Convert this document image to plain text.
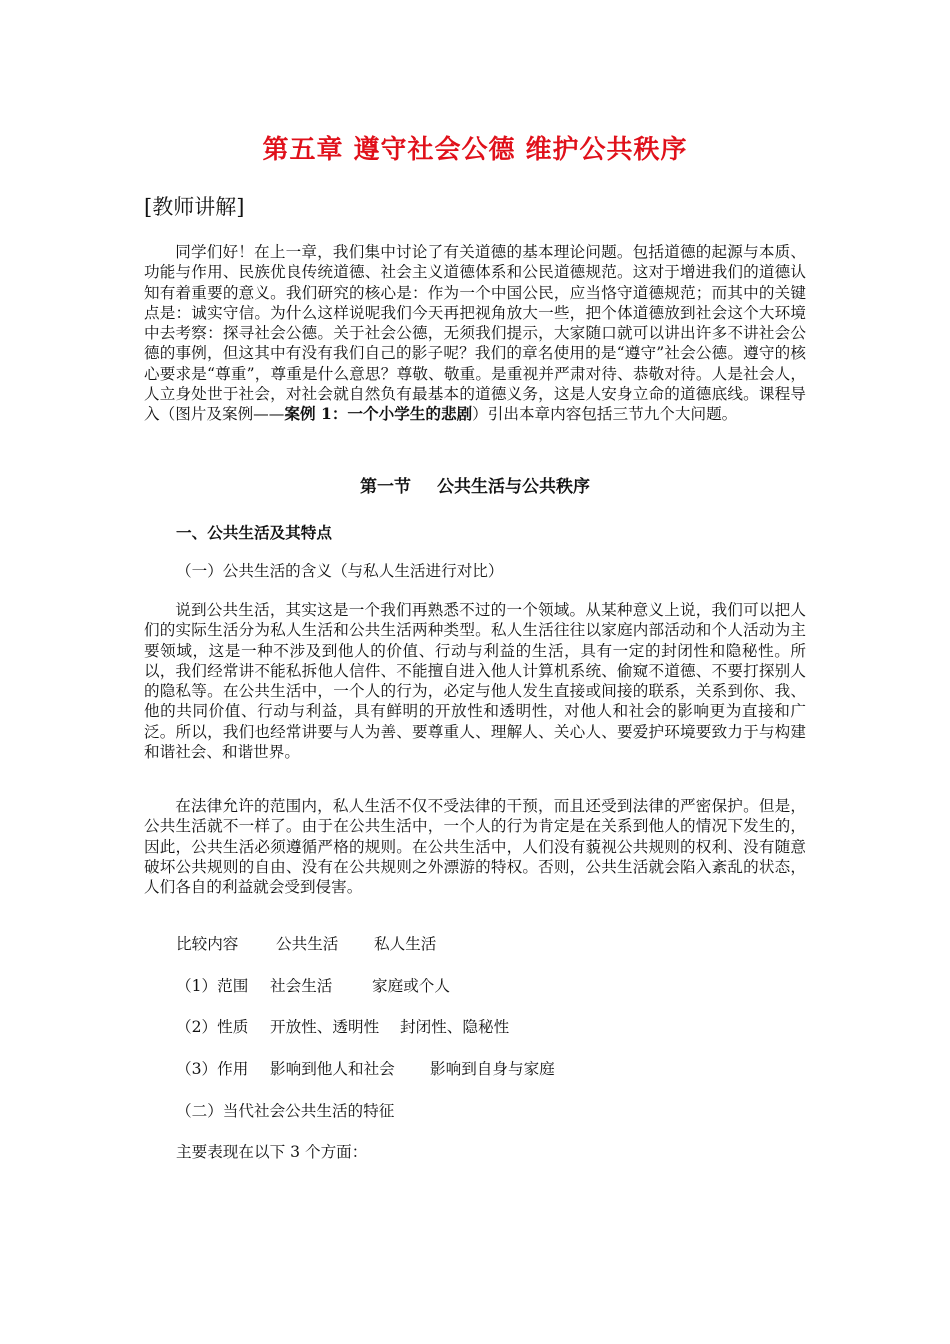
第五章 遵守社会公德 维护公共秩序
[教师讲解]

同学们好！在上一章，我们集中讨论了有关道德的基本理论问题。包括道德的起源与本质、功能与作用、民族优良传统道德、社会主义道德体系和公民道德规范。这对于增进我们的道德认知有着重要的意义。我们研究的核心是：作为一个中国公民，应当恪守道德规范；而其中的关键点是：诚实守信。为什么这样说呢我们今天再把视角放大一些，把个体道德放到社会这个大环境中去考察：探寻社会公德。关于社会公德，无须我们提示，大家随口就可以讲出许多不讲社会公德的事例，但这其中有没有我们自己的影子呢？我们的章名使用的是“遵守”社会公德。遵守的核心要求是“尊重”，尊重是什么意思？尊敬、敬重。是重视并严肃对待、恭敬对待。人是社会人，人立身处世于社会，对社会就自然负有最基本的道德义务，这是人安身立命的道德底线。课程导入（图片及案例——案例 1：一个小学生的悲剧）引出本章内容包括三节九个大问题。

第一节 公共生活与公共秩序
一、公共生活及其特点
（一）公共生活的含义（与私人生活进行对比）

说到公共生活，其实这是一个我们再熟悉不过的一个领域。从某种意义上说，我们可以把人们的实际生活分为私人生活和公共生活两种类型。私人生活往往以家庭内部活动和个人活动为主要领域，这是一种不涉及到他人的价值、行动与利益的生活，具有一定的封闭性和隐秘性。所以，我们经常讲不能私拆他人信件、不能擅自进入他人计算机系统、偷窥不道德、不要打探别人的隐私等。在公共生活中，一个人的行为，必定与他人发生直接或间接的联系，关系到你、我、他的共同价值、行动与利益，具有鲜明的开放性和透明性，对他人和社会的影响更为直接和广泛。所以，我们也经常讲要与人为善、要尊重人、理解人、关心人、要爱护环境要致力于与构建和谐社会、和谐世界。

在法律允许的范围内，私人生活不仅不受法律的干预，而且还受到法律的严密保护。但是，公共生活就不一样了。由于在公共生活中，一个人的行为肯定是在关系到他人的情况下发生的，因此，公共生活必须遵循严格的规则。在公共生活中，人们没有藐视公共规则的权利、没有随意破坏公共规则的自由、没有在公共规则之外漂游的特权。否则，公共生活就会陷入紊乱的状态，人们各自的利益就会受到侵害。

比较内容 公共生活 私人生活
（1）范围 社会生活	家庭或个人
（2）性质 开放性、透明性 封闭性、隐秘性
（3）作用 影响到他人和社会 影响到自身与家庭
（二）当代社会公共生活的特征
主要表现在以下 3 个方面：
